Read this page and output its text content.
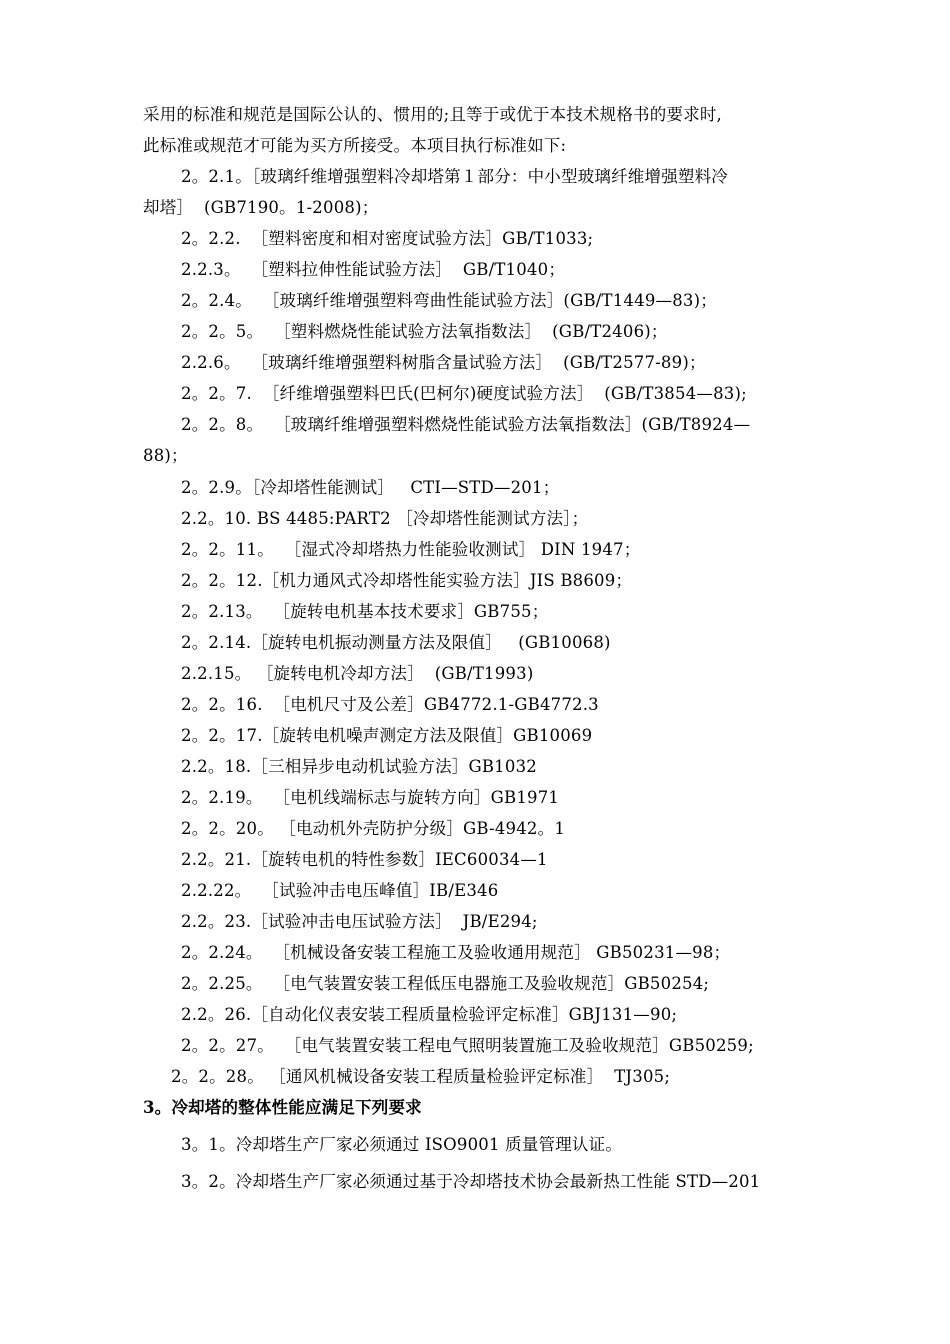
采用的标准和规范是国际公认的、惯用的;且等于或优于本技术规格书的要求时,
此标准或规范才可能为买方所接受。本项目执行标准如下:
2。2.1。［玻璃纤维增强塑料冷却塔第１部分：中小型玻璃纤维增强塑料冷
却塔］  (GB7190。1-2008)；
2。2.2.  ［塑料密度和相对密度试验方法］GB/T1033;
2.2.3。  ［塑料拉伸性能试验方法］  GB/T1040；
2。2.4。  ［玻璃纤维增强塑料弯曲性能试验方法］(GB/T1449—83)；
2。2。5。  ［塑料燃烧性能试验方法氧指数法］  (GB/T2406)；
2.2.6。  ［玻璃纤维增强塑料树脂含量试验方法］  (GB/T2577-89)；
2。2。7.  ［纤维增强塑料巴氏(巴柯尔)硬度试验方法］  (GB/T3854—83);
2。2。8。  ［玻璃纤维增强塑料燃烧性能试验方法氧指数法］(GB/T8924—
88)；
2。2.9。［冷却塔性能测试］   CTI—STD—201；
2.2。10. BS 4485:PART2 ［冷却塔性能测试方法］；
2。2。11。  ［湿式冷却塔热力性能验收测试］ DIN 1947；
2。2。12.［机力通风式冷却塔性能实验方法］JIS B8609；
2。2.13。  ［旋转电机基本技术要求］GB755；
2。2.14.［旋转电机振动测量方法及限值］   (GB10068)
2.2.15。 ［旋转电机冷却方法］  (GB/T1993)
2。2。16.  ［电机尺寸及公差］GB4772.1-GB4772.3
2。2。17.［旋转电机噪声测定方法及限值］GB10069
2.2。18.［三相异步电动机试验方法］GB1032
2。2.19。  ［电机线端标志与旋转方向］GB1971
2。2。20。 ［电动机外壳防护分级］GB-4942。1
2.2。21.［旋转电机的特性参数］IEC60034—1
2.2.22。  ［试验冲击电压峰值］IB/E346
2.2。23.［试验冲击电压试验方法］  JB/E294;
2。2.24。  ［机械设备安装工程施工及验收通用规范］ GB50231—98；
2。2.25。  ［电气装置安装工程低压电器施工及验收规范］GB50254;
2.2。26.［自动化仪表安装工程质量检验评定标准］GBJ131—90;
2。2。27。  ［电气装置安装工程电气照明装置施工及验收规范］GB50259;
2。2。28。 ［通风机械设备安装工程质量检验评定标准］  TJ305;
3。冷却塔的整体性能应满足下列要求
3。1。冷却塔生产厂家必须通过 ISO9001 质量管理认证。
3。2。冷却塔生产厂家必须通过基于冷却塔技术协会最新热工性能 STD—201
